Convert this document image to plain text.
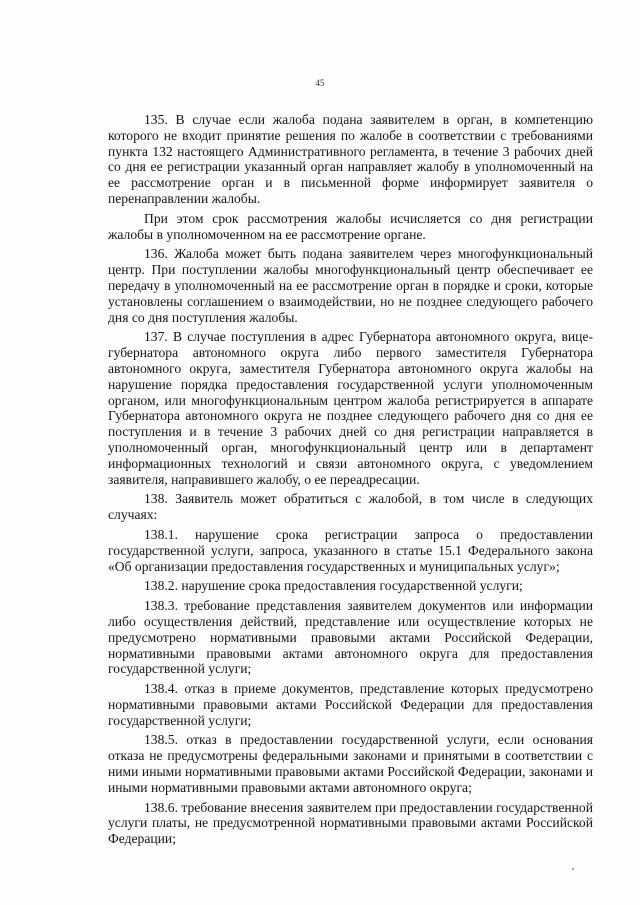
45

135. В случае если жалоба подана заявителем в орган, в компетенцию которого не входит принятие решения по жалобе в соответствии с требованиями пункта 132 настоящего Административного регламента, в течение 3 рабочих дней со дня ее регистрации указанный орган направляет жалобу в уполномоченный на ее рассмотрение орган и в письменной форме информирует заявителя о перенаправлении жалобы.

При этом срок рассмотрения жалобы исчисляется со дня регистрации жалобы в уполномоченном на ее рассмотрение органе.

136. Жалоба может быть подана заявителем через многофункциональный центр. При поступлении жалобы многофункциональный центр обеспечивает ее передачу в уполномоченный на ее рассмотрение орган в порядке и сроки, которые установлены соглашением о взаимодействии, но не позднее следующего рабочего дня со дня поступления жалобы.

137. В случае поступления в адрес Губернатора автономного округа, вице-губернатора автономного округа либо первого заместителя Губернатора автономного округа, заместителя Губернатора автономного округа жалобы на нарушение порядка предоставления государственной услуги уполномоченным органом, или многофункциональным центром жалоба регистрируется в аппарате Губернатора автономного округа не позднее следующего рабочего дня со дня ее поступления и в течение 3 рабочих дней со дня регистрации направляется в уполномоченный орган, многофункциональный центр или в департамент информационных технологий и связи автономного округа, с уведомлением заявителя, направившего жалобу, о ее переадресации.

138. Заявитель может обратиться с жалобой, в том числе в следующих случаях:

138.1. нарушение срока регистрации запроса о предоставлении государственной услуги, запроса, указанного в статье 15.1 Федерального закона «Об организации предоставления государственных и муниципальных услуг»;

138.2. нарушение срока предоставления государственной услуги;

138.3. требование представления заявителем документов или информации либо осуществления действий, представление или осуществление которых не предусмотрено нормативными правовыми актами Российской Федерации, нормативными правовыми актами автономного округа для предоставления государственной услуги;

138.4. отказ в приеме документов, представление которых предусмотрено нормативными правовыми актами Российской Федерации для предоставления государственной услуги;

138.5. отказ в предоставлении государственной услуги, если основания отказа не предусмотрены федеральными законами и принятыми в соответствии с ними иными нормативными правовыми актами Российской Федерации, законами и иными нормативными правовыми актами автономного округа;

138.6. требование внесения заявителем при предоставлении государственной услуги платы, не предусмотренной нормативными правовыми актами Российской Федерации;
